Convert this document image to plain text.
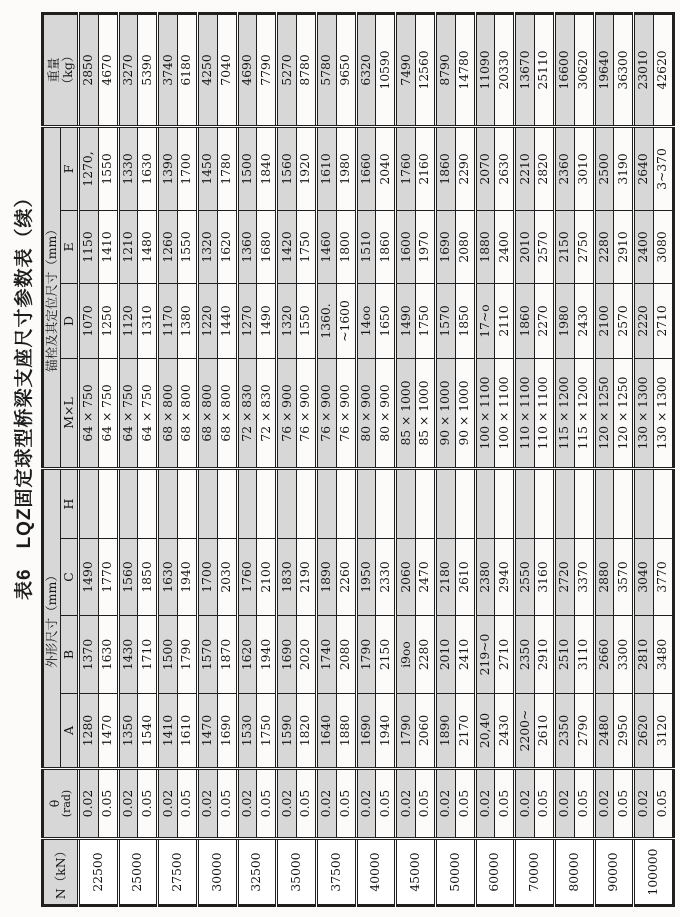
表6　LQZ固定球型桥梁支座尺寸参数表（续）
N（kN）	
θ
(rad)
	外形尺寸（mm）	锚栓及其定位尺寸（mm）	
重量
（kg）

		A	B	C	H	M×L	D	E	F	
22500	0.02	1280	1370	1490		64 × 750	1070	1150	1270,	2850
	0.05	1470	1630	1770		64 × 750	1250	1410	1550	4670
25000	0.02	1350	1430	1560		64 × 750	1120	1210	1330	3270
	0.05	1540	1710	1850		64 × 750	1310	1480	1630	5390
27500	0.02	1410	1500	1630		68 × 800	1170	1260	1390	3740
	0.05	1610	1790	1940		68 × 800	1380	1550	1700	6180
30000	0.02	1470	1570	1700		68 × 800	1220	1320	1450	4250
	0.05	1690	1870	2030		68 × 800	1440	1620	1780	7040
32500	0.02	1530	1620	1760		72 × 830	1270	1360	1500	4690
	0.05	1750	1940	2100		72 × 830	1490	1680	1840	7790
35000	0.02	1590	1690	1830		76 × 900	1320	1420	1560	5270
	0.05	1820	2020	2190		76 × 900	1550	1750	1920	8780
37500	0.02	1640	1740	1890		76 × 900	1360.	1460	1610	5780
	0.05	1880	2080	2260		76 × 900	~1600	1800	1980	9650
40000	0.02	1690	1790	1950		80 × 900	14oo	1510	1660	6320
	0.05	1940	2150	2330		80 × 900	1650	1860	2040	10590
45000	0.02	1790	i9oo	2060		85 × 1000	1490	1600	1760	7490
	0.05	2060	2280	2470		85 × 1000	1750	1970	2160	12560
50000	0.02	1890	2010	2180		90 × 1000	1570	1690	1860	8790
	0.05	2170	2410	2610		90 × 1000	1850	2080	2290	14780
60000	0.02	20,40	219~0	2380		100 × 1100	17~o	1880	2070	11090
	0.05	2430	2710	2940		100 × 1100	2110	2400	2630	20330
70000	0.02	2200~	2350	2550		110 × 1100	1860	2010	2210	13670
	0.05	2610	2910	3160		110 × 1100	2270	2570	2820	25110
80000	0.02	2350	2510	2720		115 × 1200	1980	2150	2360	16600
	0.05	2790	3110	3370		115 × 1200	2430	2750	3010	30620
90000	0.02	2480	2660	2880		120 × 1250	2100	2280	2500	19640
	0.05	2950	3300	3570		120 × 1250	2570	2910	3190	36300
100000	0.02	2620	2810	3040		130 × 1300	2220	2400	2640	23010
	0.05	3120	3480	3770		130 × 1300	2710	3080	3~370	42620
